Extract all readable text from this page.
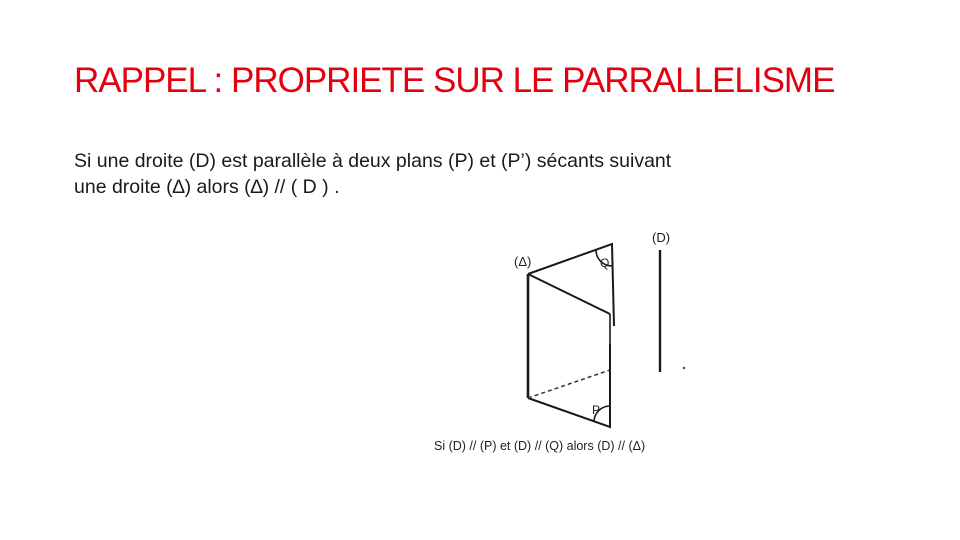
RAPPEL : PROPRIETE SUR LE PARRALLELISME
Si une droite (D) est parallèle à deux plans (P) et (P’) sécants suivant
une droite (∆) alors (∆) // ( D ) .
(Δ)
(D)
Q
P
Si (D) // (P) et (D) // (Q) alors (D) // (Δ)
